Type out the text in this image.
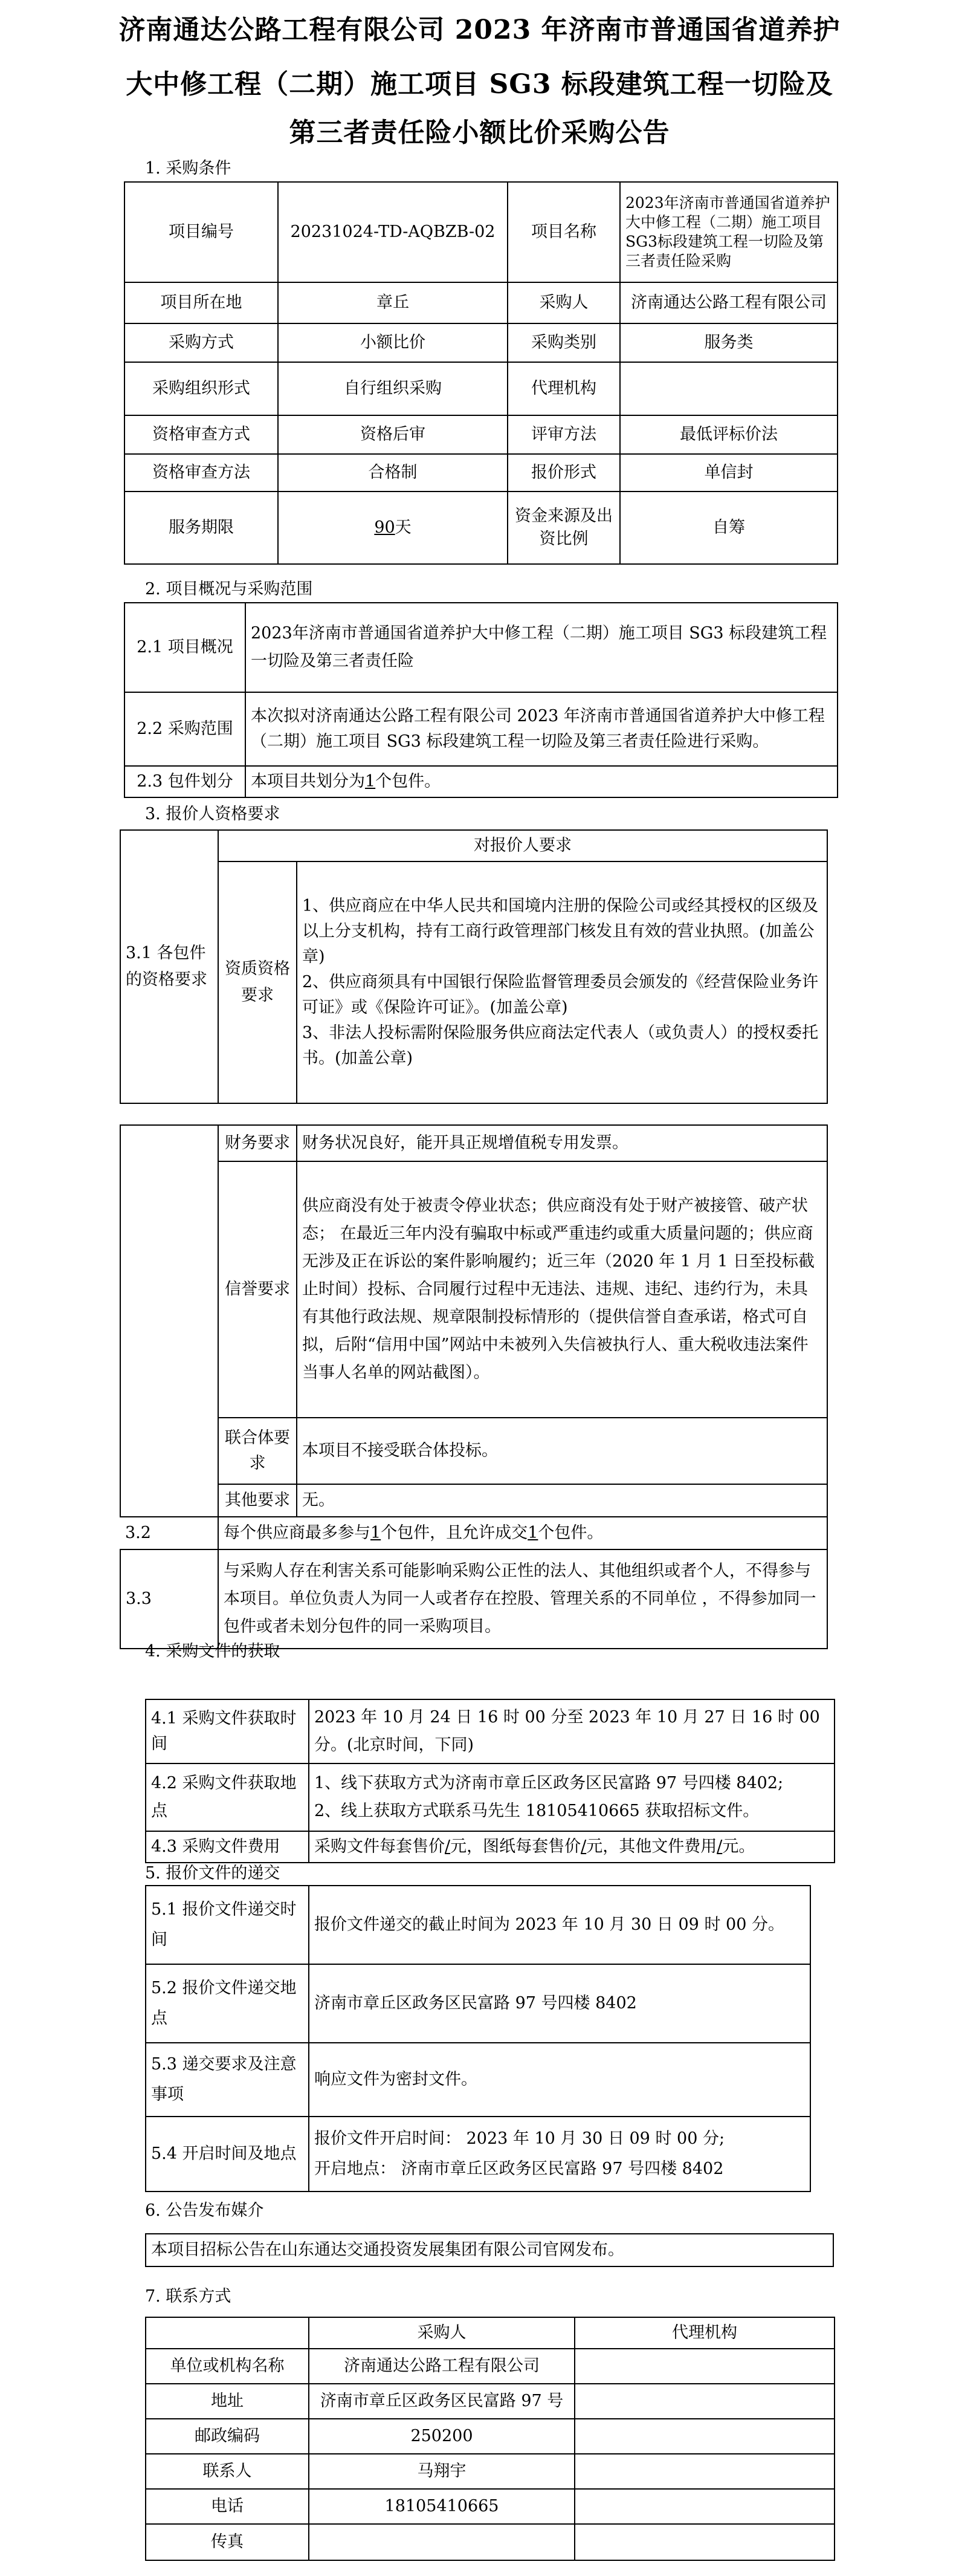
济南通达公路工程有限公司 2023 年济南市普通国省道养护
大中修工程（二期）施工项目 SG3 标段建筑工程一切险及
第三者责任险小额比价采购公告
1. 采购条件
项目编号	20231024-TD-AQBZB-02	项目名称	2023年济南市普通国省道养护大中修工程（二期）施工项目SG3标段建筑工程一切险及第三者责任险采购
项目所在地	章丘	采购人	济南通达公路工程有限公司
采购方式	小额比价	采购类别	服务类
采购组织形式	自行组织采购	代理机构	
资格审查方式	资格后审	评审方法	最低评标价法
资格审查方法	合格制	报价形式	单信封
服务期限	90天	资金来源及出资比例	自筹
2. 项目概况与采购范围
2.1 项目概况	2023年济南市普通国省道养护大中修工程（二期）施工项目 SG3 标段建筑工程一切险及第三者责任险
2.2 采购范围	本次拟对济南通达公路工程有限公司 2023 年济南市普通国省道养护大中修工程（二期）施工项目 SG3 标段建筑工程一切险及第三者责任险进行采购。
2.3 包件划分	本项目共划分为1个包件。
3. 报价人资格要求
3.1 各包件的资格要求	对报价人要求	
	资质资格要求	1、供应商应在中华人民共和国境内注册的保险公司或经其授权的区级及以上分支机构，持有工商行政管理部门核发且有效的营业执照。(加盖公章)
2、供应商须具有中国银行保险监督管理委员会颁发的《经营保险业务许可证》或《保险许可证》。(加盖公章)
3、非法人投标需附保险服务供应商法定代表人（或负责人）的授权委托书。(加盖公章)
	财务要求	财务状况良好，能开具正规增值税专用发票。
	信誉要求	供应商没有处于被责令停业状态；供应商没有处于财产被接管、破产状态； 在最近三年内没有骗取中标或严重违约或重大质量问题的；供应商无涉及正在诉讼的案件影响履约；近三年（2020 年 1 月 1 日至投标截止时间）投标、合同履行过程中无违法、违规、违纪、违约行为，未具有其他行政法规、规章限制投标情形的（提供信誉自查承诺，格式可自拟，后附“信用中国”网站中未被列入失信被执行人、重大税收违法案件当事人名单的网站截图）。
	联合体要求	本项目不接受联合体投标。
	其他要求	无。
3.2	每个供应商最多参与1个包件，且允许成交1个包件。	
3.3	与采购人存在利害关系可能影响采购公正性的法人、其他组织或者个人，不得参与本项目。单位负责人为同一人或者存在控股、管理关系的不同单位 ，不得参加同一包件或者未划分包件的同一采购项目。	
4. 采购文件的获取
4.1 采购文件获取时间	2023 年 10 月 24 日 16 时 00 分至 2023 年 10 月 27 日 16 时 00 分。(北京时间，下同)
4.2 采购文件获取地点	1、线下获取方式为济南市章丘区政务区民富路 97 号四楼 8402;
2、线上获取方式联系马先生 18105410665 获取招标文件。

4.3 采购文件费用	采购文件每套售价/元，图纸每套售价/元，其他文件费用/元。
5. 报价文件的递交
5.1 报价文件递交时间	报价文件递交的截止时间为 2023 年 10 月 30 日 09 时 00 分。
5.2 报价文件递交地点	济南市章丘区政务区民富路 97 号四楼 8402
5.3 递交要求及注意事项	响应文件为密封文件。
5.4 开启时间及地点	报价文件开启时间： 2023 年 10 月 30 日 09 时 00 分;
开启地点： 济南市章丘区政务区民富路 97 号四楼 8402
6. 公告发布媒介
本项目招标公告在山东通达交通投资发展集团有限公司官网发布。
7. 联系方式
	采购人	代理机构
单位或机构名称	济南通达公路工程有限公司	
地址	济南市章丘区政务区民富路 97 号	
邮政编码	250200	
联系人	马翔宇	
电话	18105410665	
传真		
